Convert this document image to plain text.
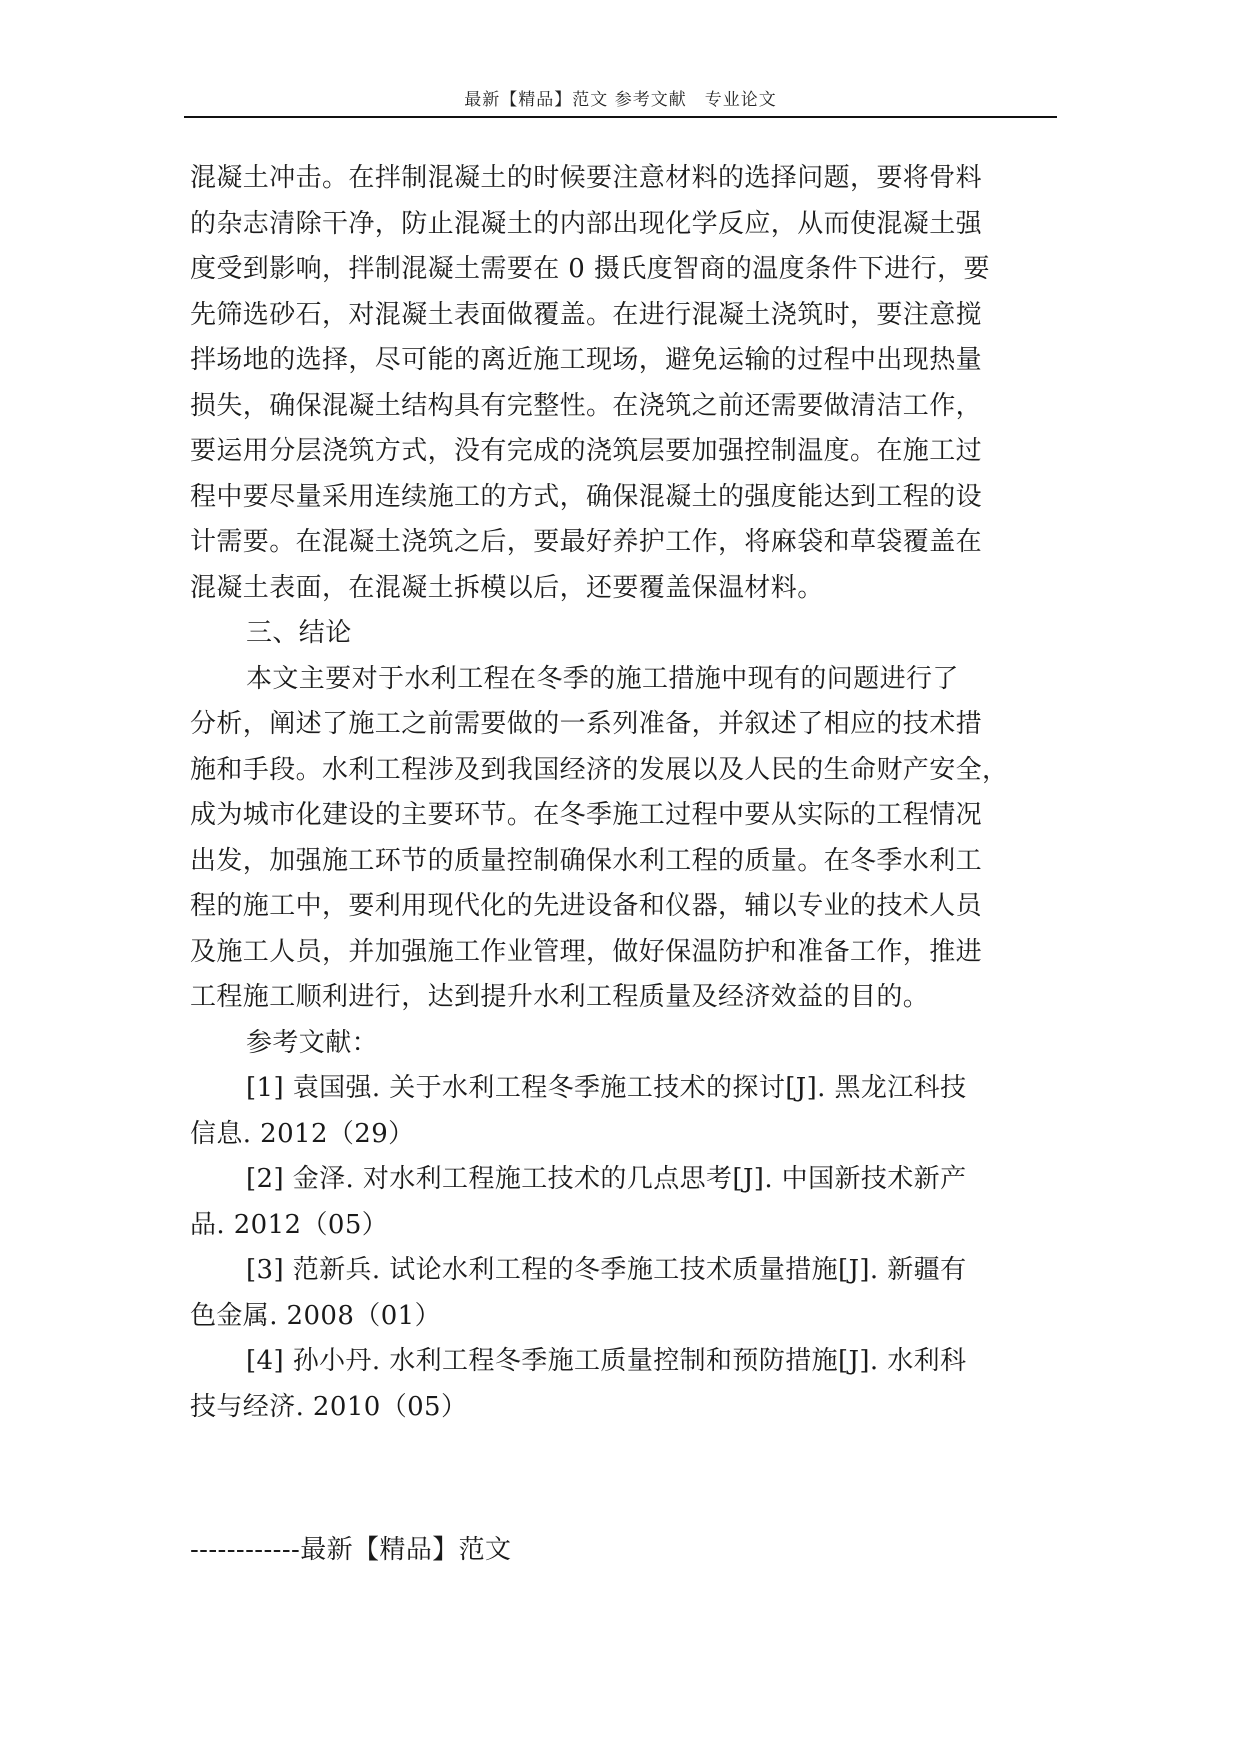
最新【精品】范文 参考文献　专业论文
混凝土冲击。在拌制混凝土的时候要注意材料的选择问题，要将骨料
的杂志清除干净，防止混凝土的内部出现化学反应，从而使混凝土强
度受到影响，拌制混凝土需要在 0 摄氏度智商的温度条件下进行，要
先筛选砂石，对混凝土表面做覆盖。在进行混凝土浇筑时，要注意搅
拌场地的选择，尽可能的离近施工现场，避免运输的过程中出现热量
损失，确保混凝土结构具有完整性。在浇筑之前还需要做清洁工作，
要运用分层浇筑方式，没有完成的浇筑层要加强控制温度。在施工过
程中要尽量采用连续施工的方式，确保混凝土的强度能达到工程的设
计需要。在混凝土浇筑之后，要最好养护工作，将麻袋和草袋覆盖在
混凝土表面，在混凝土拆模以后，还要覆盖保温材料。
三、结论
本文主要对于水利工程在冬季的施工措施中现有的问题进行了
分析，阐述了施工之前需要做的一系列准备，并叙述了相应的技术措
施和手段。水利工程涉及到我国经济的发展以及人民的生命财产安全，
成为城市化建设的主要环节。在冬季施工过程中要从实际的工程情况
出发，加强施工环节的质量控制确保水利工程的质量。在冬季水利工
程的施工中，要利用现代化的先进设备和仪器，辅以专业的技术人员
及施工人员，并加强施工作业管理，做好保温防护和准备工作，推进
工程施工顺利进行，达到提升水利工程质量及经济效益的目的。
参考文献：
[1] 袁国强. 关于水利工程冬季施工技术的探讨[J]. 黑龙江科技
信息. 2012（29）
[2] 金泽. 对水利工程施工技术的几点思考[J]. 中国新技术新产
品. 2012（05）
[3] 范新兵. 试论水利工程的冬季施工技术质量措施[J]. 新疆有
色金属. 2008（01）
[4] 孙小丹. 水利工程冬季施工质量控制和预防措施[J]. 水利科
技与经济. 2010（05）
------------最新【精品】范文
